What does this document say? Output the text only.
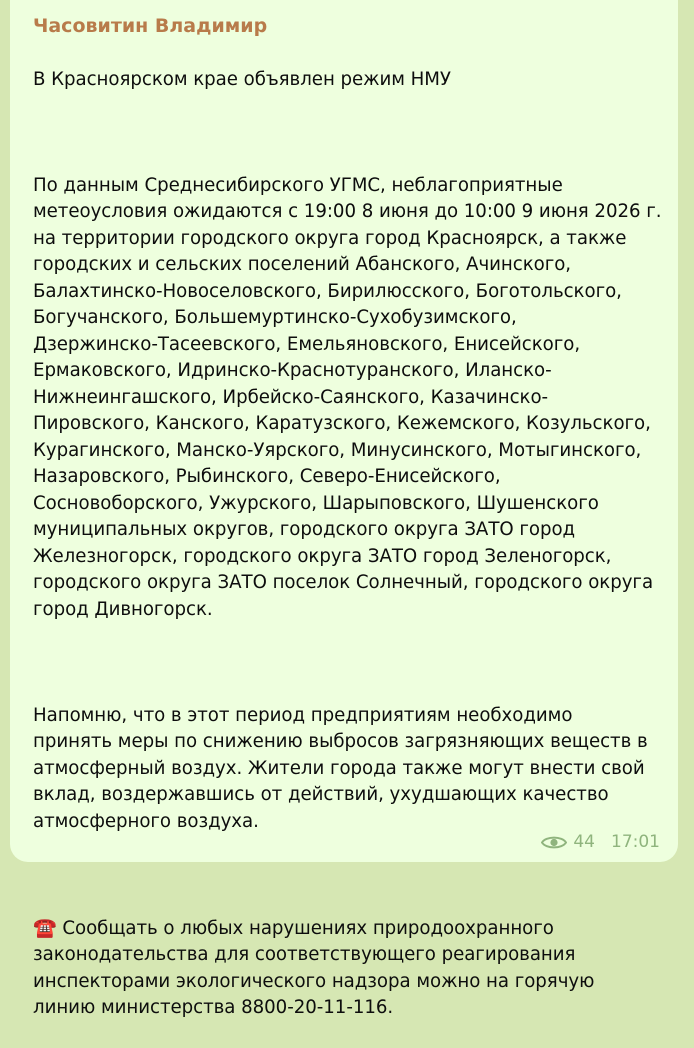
Часовитин Владимир

В Красноярском крае объявлен режим НМУ

По данным Среднесибирского УГМС, неблагоприятные
метеоусловия ожидаются с 19:00 8 июня до 10:00 9 июня 2026 г.
на территории городского округа город Красноярск, а также
городских и сельских поселений Абанского, Ачинского,
Балахтинско-Новоселовского, Бирилюсского, Боготольского,
Богучанского, Большемуртинско-Сухобузимского,
Дзержинско-Тасеевского, Емельяновского, Енисейского,
Ермаковского, Идринско-Краснотуранского, Иланско-
Нижнеингашского, Ирбейско-Саянского, Казачинско-
Пировского, Канского, Каратузского, Кежемского, Козульского,
Курагинского, Манско-Уярского, Минусинского, Мотыгинского,
Назаровского, Рыбинского, Северо-Енисейского,
Сосновоборского, Ужурского, Шарыповского, Шушенского
муниципальных округов, городского округа ЗАТО город
Железногорск, городского округа ЗАТО город Зеленогорск,
городского округа ЗАТО поселок Солнечный, городского округа
город Дивногорск.

Напомню, что в этот период предприятиям необходимо
принять меры по снижению выбросов загрязняющих веществ в
атмосферный воздух. Жители города также могут внести свой
вклад, воздержавшись от действий, ухудшающих качество
атмосферного воздуха.

☎️ Сообщать о любых нарушениях природоохранного
законодательства для соответствующего реагирования
инспекторами экологического надзора можно на горячую
линию министерства 8800-20-11-116.

44 17:01
